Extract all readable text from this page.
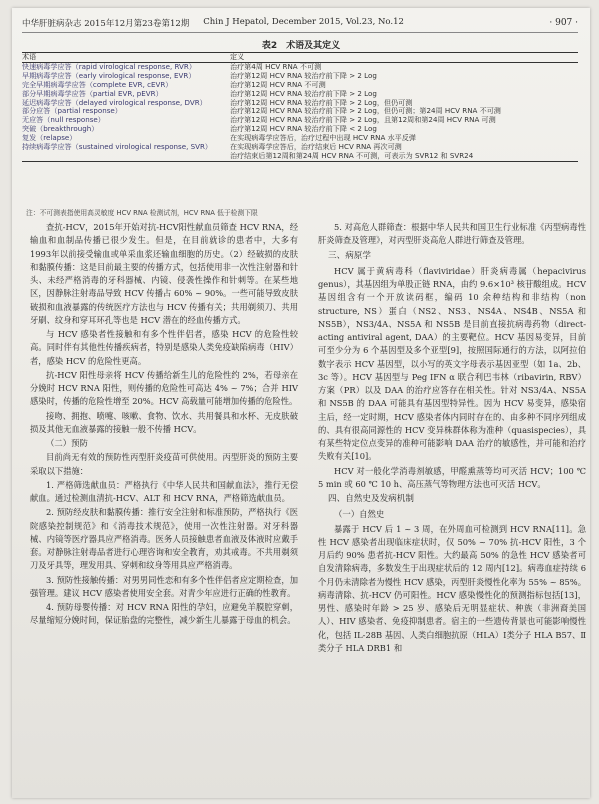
中华肝脏病杂志 2015年12月第23卷第12期 Chin J Hepatol, December 2015, Vol.23, No.12	· 907 ·
表2　术语及其定义
术语	定义
快速病毒学应答（rapid virological response, RVR）	治疗第4周 HCV RNA 不可测
早期病毒学应答（early virological response, EVR）	治疗第12周 HCV RNA 较治疗前下降 > 2 Log
完全早期病毒学应答（complete EVR, cEVR）	治疗第12周 HCV RNA 不可测
部分早期病毒学应答（partial EVR, pEVR）	治疗第12周 HCV RNA 较治疗前下降 > 2 Log
延迟病毒学应答（delayed virological response, DVR）	治疗第12周 HCV RNA 较治疗前下降 > 2 Log，但仍可测
部分应答（partial response）	治疗第12周 HCV RNA 较治疗前下降 > 2 Log，但仍可测；第24周 HCV RNA 不可测
无应答（null response）	治疗第12周 HCV RNA 较治疗前下降 > 2 Log，且第12周和第24周 HCV RNA 可测
突破（breakthrough）	治疗第12周 HCV RNA 较治疗前下降 < 2 Log
复发（relapse）	在实现病毒学应答后，治疗过程中出现 HCV RNA 水平反弹
持续病毒学应答（sustained virological response, SVR）	在实现病毒学应答后，治疗结束后 HCV RNA 再次可测
治疗结束后第12周和第24周 HCV RNA 不可测，可表示为 SVR12 和 SVR24
注：不可测表指使用高灵敏度 HCV RNA 检测试剂，HCV RNA 低于检测下限

查抗-HCV，2015年开始对抗-HCV阳性献血员筛查 HCV RNA，经输血和血制品传播已很少发生。但是，在目前就诊的患者中，大多有1993年以前接受输血或单采血浆还输血细胞的历史。（2）经破损的皮肤和黏膜传播：这是目前最主要的传播方式，包括使用非一次性注射器和针头、未经严格消毒的牙科器械、内镜、侵袭性操作和针刺等。在某些地区，因静脉注射毒品导致 HCV 传播占 60% ~ 90%。一些可能导致皮肤破损和血液暴露的传统医疗方法也与 HCV 传播有关；共用剃须刀、共用牙刷、纹身和穿耳环孔等也是 HCV 潜在的经血传播方式。

与 HCV 感染者性接触和有多个性伴侣者，感染 HCV 的危险性较高。同时伴有其他性传播疾病者，特别是感染人类免疫缺陷病毒（HIV）者，感染 HCV 的危险性更高。

抗-HCV 阳性母亲将 HCV 传播给新生儿的危险性约 2%，若母亲在分娩时 HCV RNA 阳性，则传播的危险性可高达 4% ~ 7%；合并 HIV 感染时，传播的危险性增至 20%。HCV 高载量可能增加传播的危险性。

接吻、拥抱、喷嚏、咳嗽、食物、饮水、共用餐具和水杯、无皮肤破损及其他无血液暴露的接触一般不传播 HCV。

（二）预防

目前尚无有效的预防性丙型肝炎疫苗可供使用。丙型肝炎的预防主要采取以下措施：

1. 严格筛选献血员：严格执行《中华人民共和国献血法》，推行无偿献血。通过检测血清抗-HCV、ALT 和 HCV RNA，严格筛选献血员。

2. 预防经皮肤和黏膜传播：推行安全注射和标准预防，严格执行《医院感染控制规范》和《消毒技术规范》，使用一次性注射器。对牙科器械、内镜等医疗器具应严格消毒。医务人员接触患者血液及体液时应戴手套。对静脉注射毒品者进行心理咨询和安全教育，劝其戒毒。不共用剃须刀及牙具等，理发用具、穿刺和纹身等用具应严格消毒。

3. 预防性接触传播：对男男同性恋和有多个性伴侣者应定期检查，加强管理。建议 HCV 感染者使用安全套。对青少年应进行正确的性教育。

4. 预防母婴传播：对 HCV RNA 阳性的孕妇，应避免羊膜腔穿刺，尽量缩短分娩时间，保证胎盘的完整性，减少新生儿暴露于母血的机会。

5. 对高危人群筛查：根据中华人民共和国卫生行业标准《丙型病毒性肝炎筛查及管理》，对丙型肝炎高危人群进行筛查及管理。

三、病原学

HCV 属于黄病毒科（flaviviridae）肝炎病毒属（hepacivirus genus），其基因组为单股正链 RNA，由约 9.6×10³ 核苷酸组成。HCV 基因组含有一个开放读码框，编码 10 余种结构和非结构（non structure, NS）蛋白（NS2、NS3、NS4A、NS4B、NS5A 和 NS5B），NS3/4A、NS5A 和 NS5B 是目前直接抗病毒药物（direct-acting antiviral agent, DAA）的主要靶位。HCV 基因易变异，目前可至少分为 6 个基因型及多个亚型[9]，按照国际通行的方法，以阿拉伯数字表示 HCV 基因型，以小写的英文字母表示基因亚型（如 1a、2b、3c 等）。HCV 基因型与 Peg IFN α 联合利巴韦林（ribavirin, RBV）方案（PR）以及 DAA 的治疗应答存在相关性。针对 NS3/4A、NS5A 和 NS5B 的 DAA 可能具有基因型特异性。因为 HCV 易变异，感染宿主后，经一定时期，HCV 感染者体内同时存在的、由多种不同序列组成的、具有很高同源性的 HCV 变异株群体称为准种（quasispecies），具有某些特定位点变异的准种可能影响 DAA 治疗的敏感性，并可能和治疗失败有关[10]。

HCV 对一般化学消毒剂敏感，甲醛熏蒸等均可灭活 HCV；100 ℃ 5 min 或 60 ℃ 10 h、高压蒸气等物理方法也可灭活 HCV。

四、自然史及发病机制
（一）自然史

暴露于 HCV 后 1 ~ 3 周，在外周血可检测到 HCV RNA[11]。急性 HCV 感染者出现临床症状时，仅 50% ~ 70% 抗-HCV 阳性，3 个月后约 90% 患者抗-HCV 阳性。大约最高 50% 的急性 HCV 感染者可自发清除病毒，多数发生于出现症状后的 12 周内[12]。病毒血症持续 6 个月仍未清除者为慢性 HCV 感染，丙型肝炎慢性化率为 55% ~ 85%。病毒清除、抗-HCV 仍可阳性。HCV 感染慢性化的预测指标包括[13]，男性、感染时年龄 > 25 岁、感染后无明显症状、种族（非洲裔美国人）、HIV 感染者、免疫抑制患者。宿主的一些遗传背景也可能影响慢性化，包括 IL-28B 基因、人类白细胞抗原（HLA）Ⅰ类分子 HLA B57、Ⅱ类分子 HLA DRB1 和
